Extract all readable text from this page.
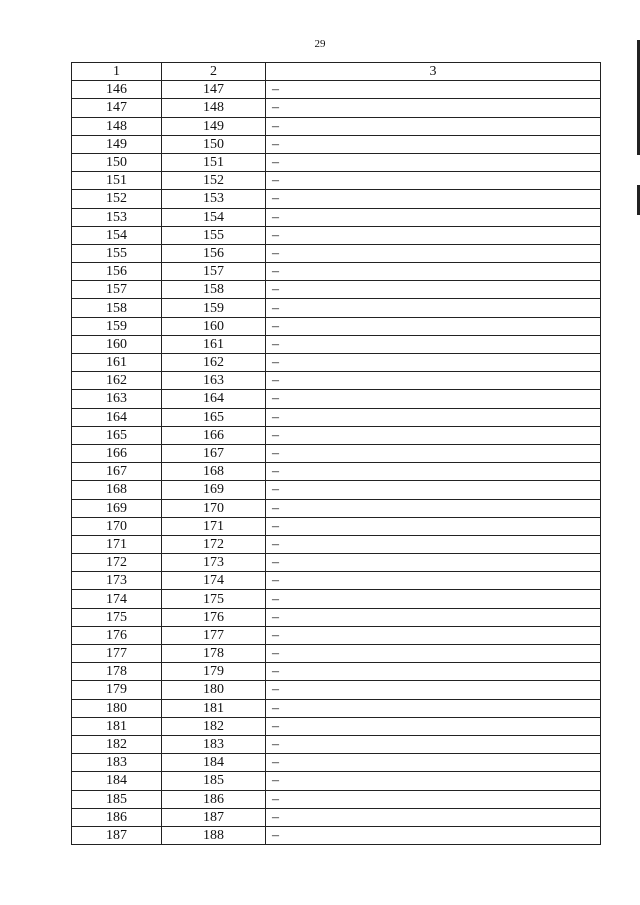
29
1	2	3
146	147	–
147	148	–
148	149	–
149	150	–
150	151	–
151	152	–
152	153	–
153	154	–
154	155	–
155	156	–
156	157	–
157	158	–
158	159	–
159	160	–
160	161	–
161	162	–
162	163	–
163	164	–
164	165	–
165	166	–
166	167	–
167	168	–
168	169	–
169	170	–
170	171	–
171	172	–
172	173	–
173	174	–
174	175	–
175	176	–
176	177	–
177	178	–
178	179	–
179	180	–
180	181	–
181	182	–
182	183	–
183	184	–
184	185	–
185	186	–
186	187	–
187	188	–
